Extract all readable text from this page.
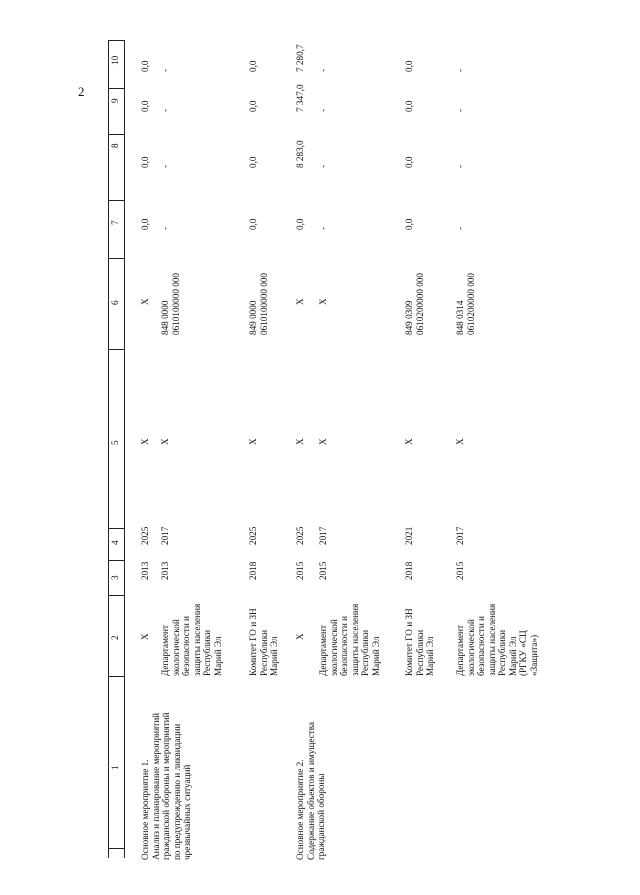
2
1
2
3
4
5
6
7
8
9
10
Основное мероприятие 1. Анализ и планирование мероприятий гражданской обороны и мероприятий по предупреждению и ликвидации чрезвычайных ситуаций
Х
2013
2025
Х
Х
0,0
0,0
0,0
0,0
Департамент экологической безопасности и защиты населения Республики Марий Эл
2013
2017
Х
848 0000 0610100000 000
-
-
-
-
Комитет ГО и ЗН Республики Марий Эл
2018
2025
Х
849 0000 0610100000 000
0,0
0,0
0,0
0,0
Основное мероприятие 2. Содержание объектов и имущества гражданской обороны
Х
2015
2025
Х
Х
0,0
8 283,0
7 347,0
7 280,7
Департамент экологической безопасности и защиты населения Республики Марий Эл
2015
2017
Х
Х
-
-
-
-
Комитет ГО и ЗН Республики Марий Эл
2018
2021
Х
849 0309 0610200000 000
0,0
0,0
0,0
0,0
Департамент экологической безопасности и защиты населения Республики Марий Эл (РГКУ «СЦ «Защита»)
2015
2017
Х
848 0314 0610200000 000
-
-
-
-
